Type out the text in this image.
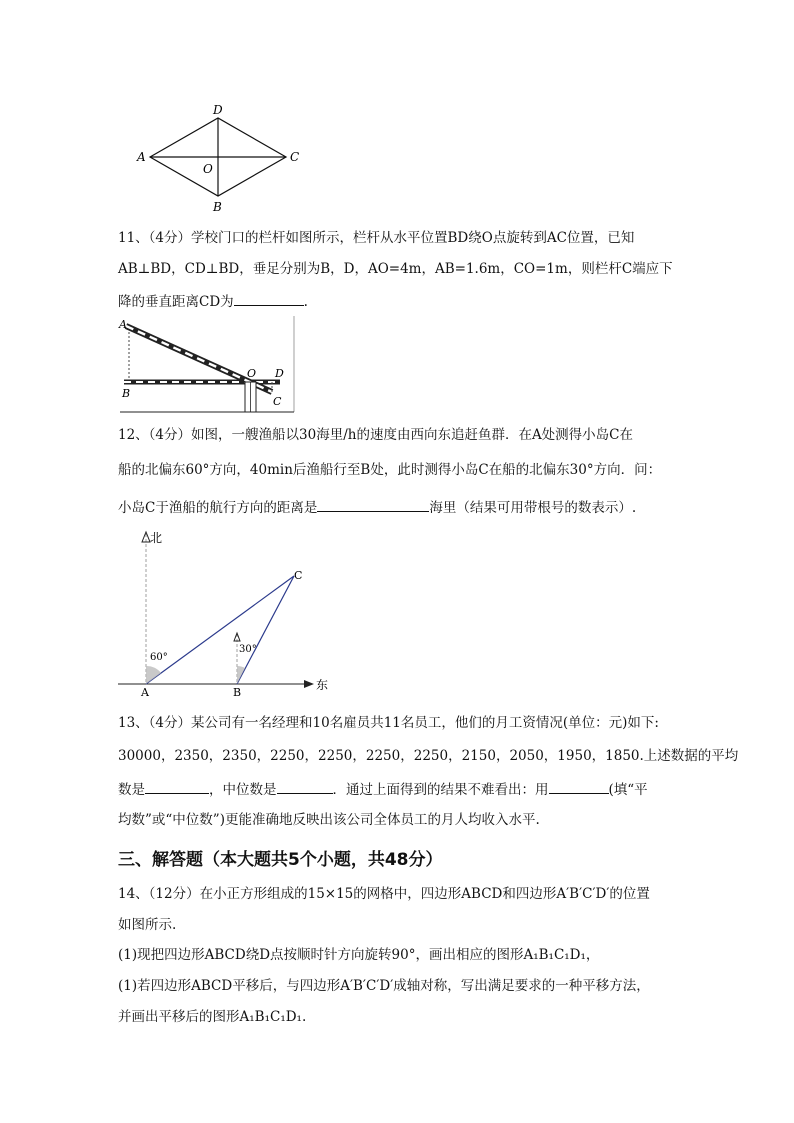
A
D
C
B
O
11、（4分）学校门口的栏杆如图所示，栏杆从水平位置BD绕O点旋转到AC位置，已知
AB⊥BD，CD⊥BD，垂足分别为B，D，AO=4m，AB=1.6m，CO=1m，则栏杆C端应下
降的垂直距离CD为	.
A
B
O D
C
12、（4分）如图，一艘渔船以30海里/h的速度由西向东追赶鱼群．在A处测得小岛C在
船的北偏东60°方向，40min后渔船行至B处，此时测得小岛C在船的北偏东30°方向．问：
小岛C于渔船的航行方向的距离是	海里（结果可用带根号的数表示）.
北
东
60°
30°
A	B
C
13、（4分）某公司有一名经理和10名雇员共11名员工，他们的月工资情况(单位：元)如下:
30000，2350，2350，2250，2250，2250，2250，2150，2050，1950，1850.上述数据的平均
数是	，中位数是	．通过上面得到的结果不难看出：用	(填“平
均数”或“中位数”)更能准确地反映出该公司全体员工的月人均收入水平.
三、解答题（本大题共5个小题，共48分）
14、（12分）在小正方形组成的15×15的网格中，四边形ABCD和四边形A′B′C′D′的位置
如图所示.
(1)现把四边形ABCD绕D点按顺时针方向旋转90°，画出相应的图形A₁B₁C₁D₁，
(1)若四边形ABCD平移后，与四边形A′B′C′D′成轴对称，写出满足要求的一种平移方法，
并画出平移后的图形A₁B₁C₁D₁.
